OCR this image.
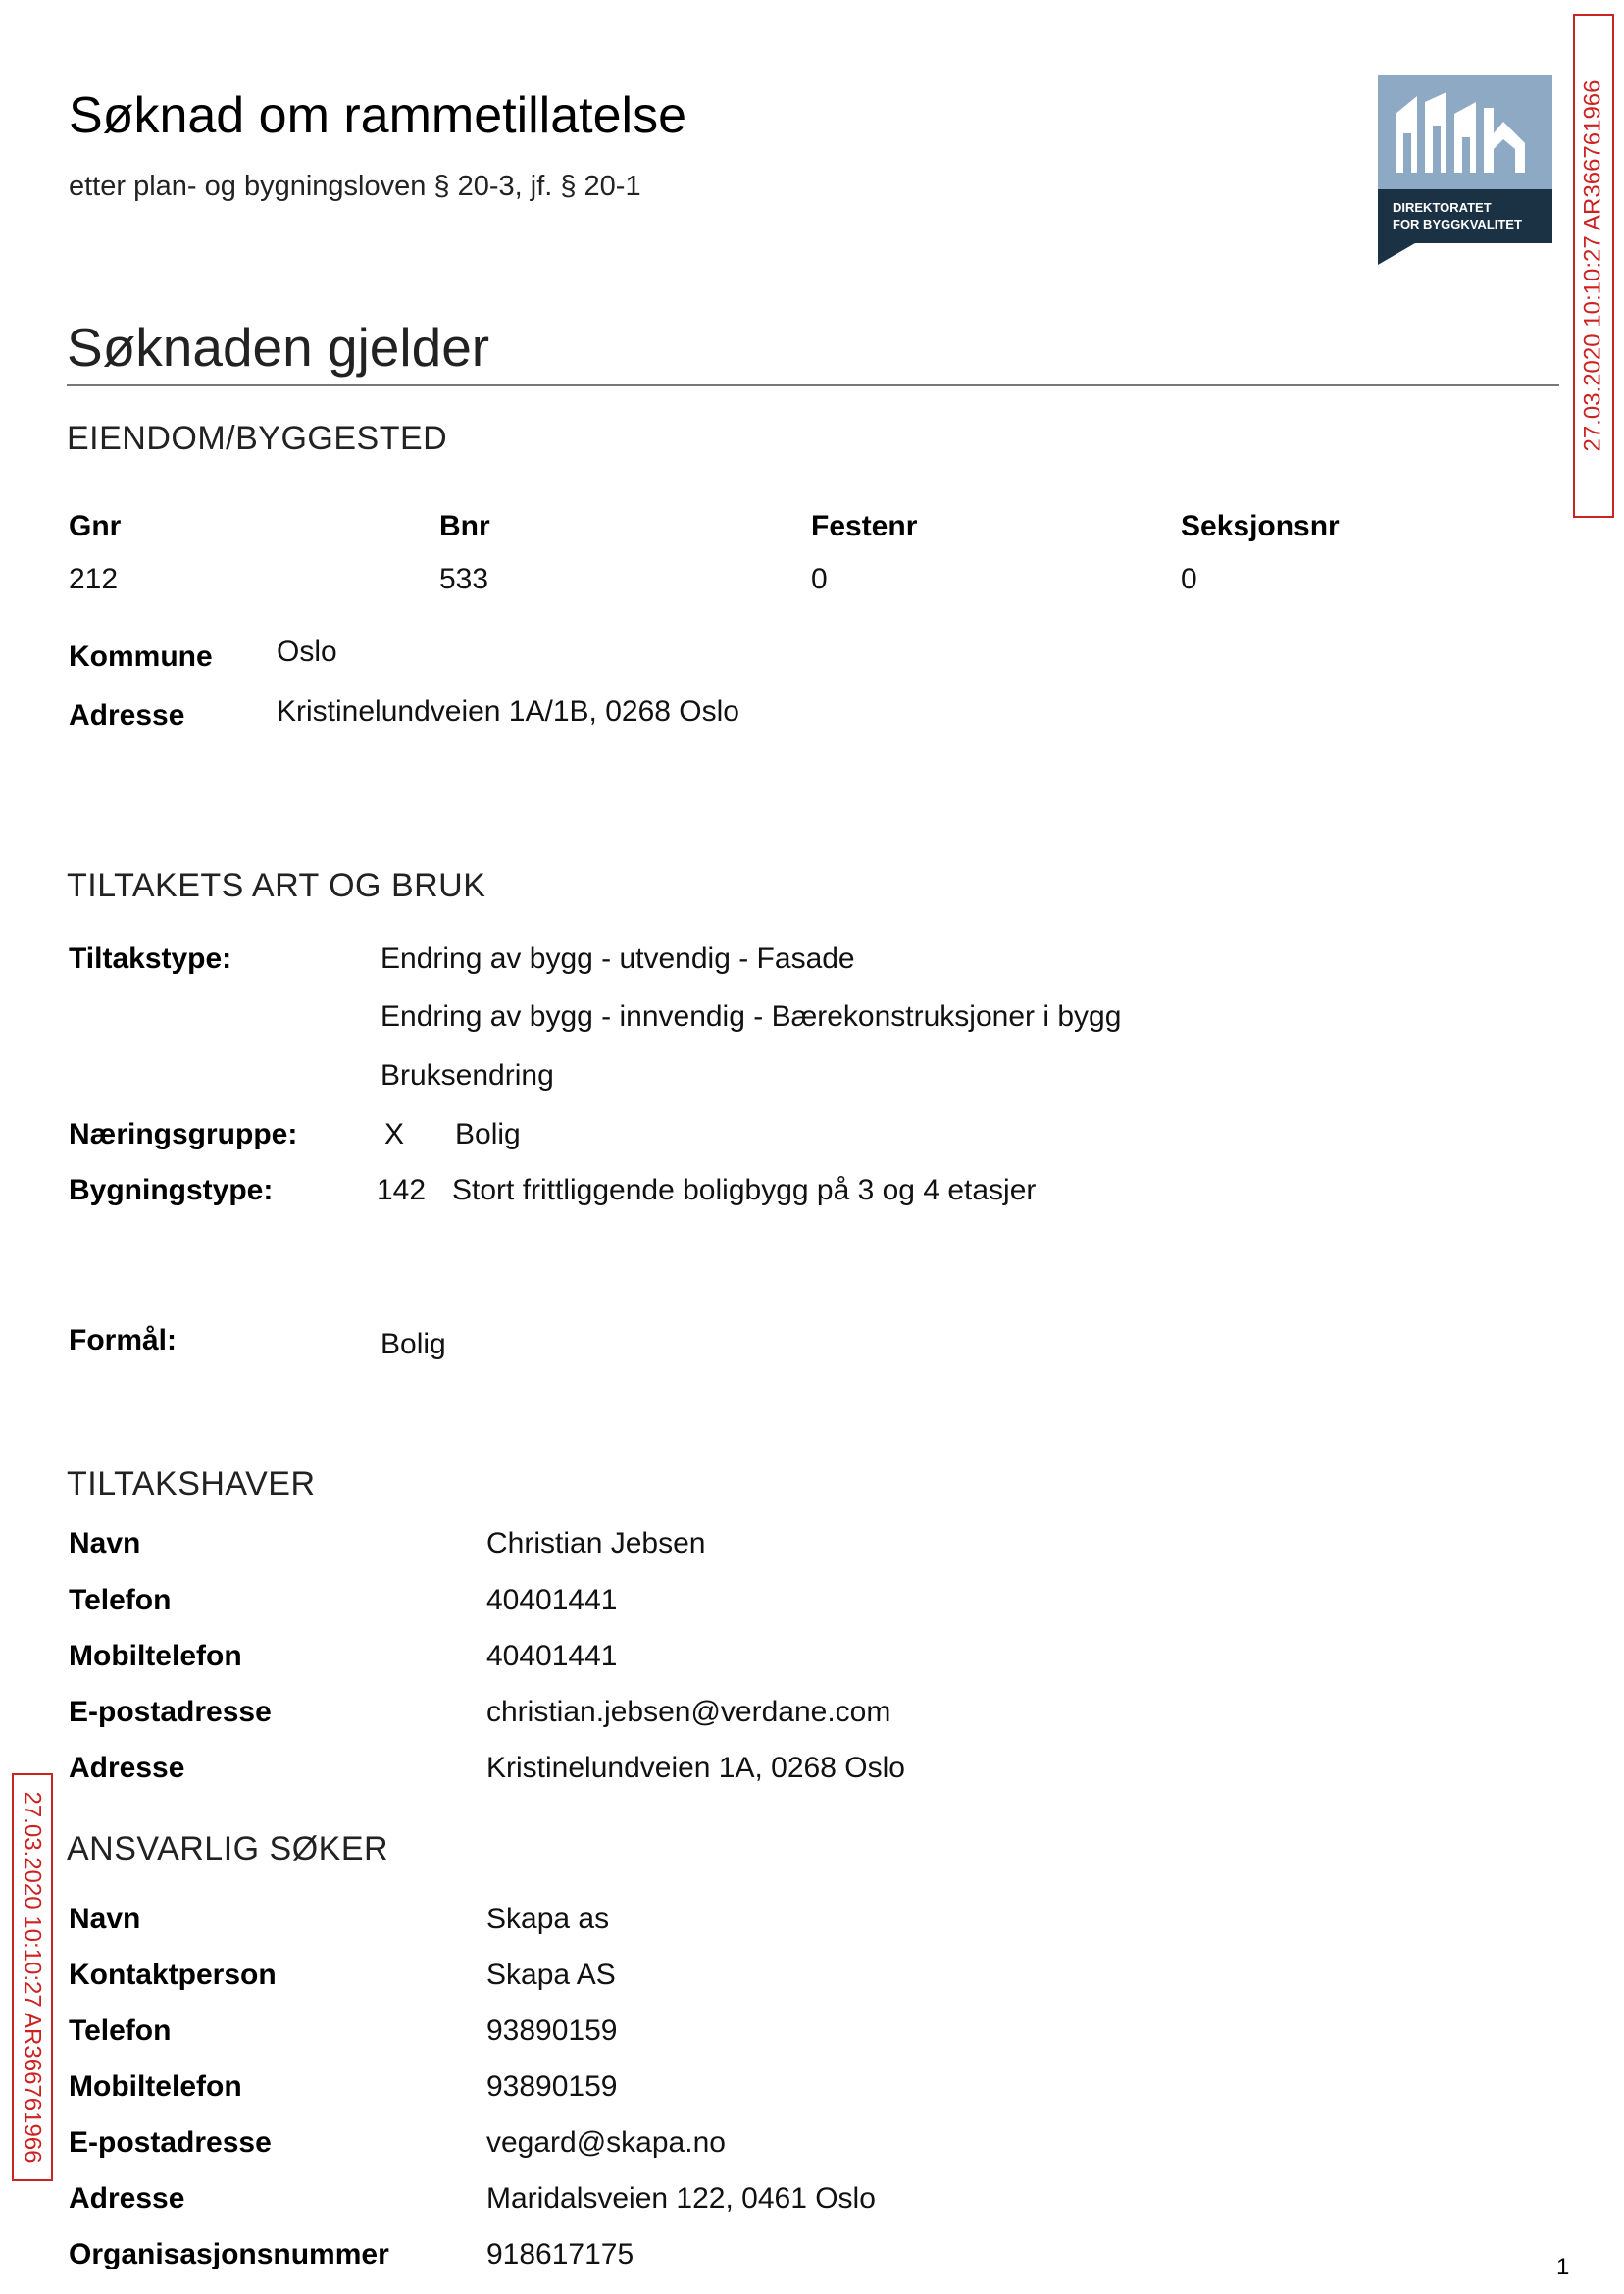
Søknad om rammetillatelse
etter plan- og bygningsloven § 20-3, jf. § 20-1
DIREKTORATET
FOR BYGGKVALITET 27.03.2020 10:10:27 AR366761966
27.03.2020 10:10:27 AR366761966
Søknaden gjelder
EIENDOM/BYGGESTED
Gnr	Bnr	Festenr	Seksjonsnr
212	533	0	0
Kommune Oslo
Adresse	Kristinelundveien 1A/1B, 0268 Oslo
TILTAKETS ART OG BRUK
Tiltakstype:	Endring av bygg - utvendig - Fasade
Endring av bygg - innvendig - Bærekonstruksjoner i bygg
Bruksendring
Næringsgruppe:	X Bolig
Bygningstype:	142 Stort frittliggende boligbygg på 3 og 4 etasjer
Formål:	Bolig
TILTAKSHAVER
Navn	Christian Jebsen
Telefon	40401441
Mobiltelefon	40401441
E-postadresse	christian.jebsen@verdane.com
Adresse	Kristinelundveien 1A, 0268 Oslo
ANSVARLIG SØKER
Navn	Skapa as
Kontaktperson	Skapa AS
Telefon	93890159
Mobiltelefon	93890159
E-postadresse	vegard@skapa.no
Adresse	Maridalsveien 122, 0461 Oslo
Organisasjonsnummer	918617175	1
